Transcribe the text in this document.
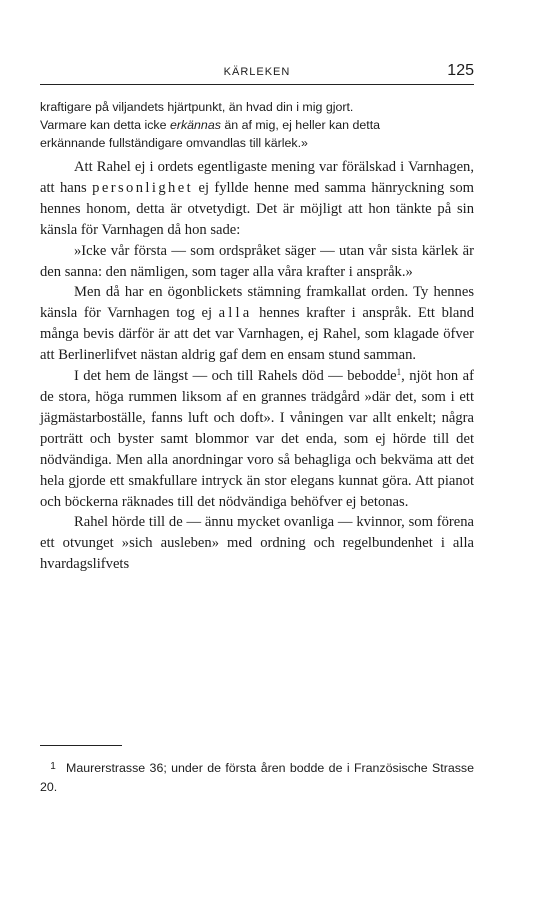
KÄRLEKEN	125
kraftigare på viljandets hjärtpunkt, än hvad din i mig gjort.
Varmare kan detta icke erkännas än af mig, ej heller kan detta
erkännande fullständigare omvandlas till kärlek.»

Att Rahel ej i ordets egentligaste mening var förälskad i Varnhagen, att hans personlighet ej fyllde henne med samma hänryckning som hennes honom, detta är otvetydigt. Det är möjligt att hon tänkte på sin känsla för Varnhagen då hon sade:

»Icke vår första — som ordspråket säger — utan vår sista kärlek är den sanna: den nämligen, som tager alla våra krafter i anspråk.»

Men då har en ögonblickets stämning framkallat orden. Ty hennes känsla för Varnhagen tog ej alla hennes krafter i anspråk. Ett bland många bevis därför är att det var Varnhagen, ej Rahel, som klagade öfver att Berlinerlifvet nästan aldrig gaf dem en ensam stund samman.

I det hem de längst — och till Rahels död — bebodde$^1$, njöt hon af de stora, höga rummen liksom af en grannes trädgård »där det, som i ett jägmästarboställe, fanns luft och doft». I våningen var allt enkelt; några porträtt och byster samt blommor var det enda, som ej hörde till det nödvändiga. Men alla anordningar voro så behagliga och bekväma att det hela gjorde ett smakfullare intryck än stor elegans kunnat göra. Att pianot och böckerna räknades till det nödvändiga behöfver ej betonas.

Rahel hörde till de — ännu mycket ovanliga — kvinnor, som förena ett otvunget »sich ausleben» med ordning och regelbundenhet i alla hvardagslifvets

1 Maurerstrasse 36; under de första åren bodde de i Französische Strasse 20.
